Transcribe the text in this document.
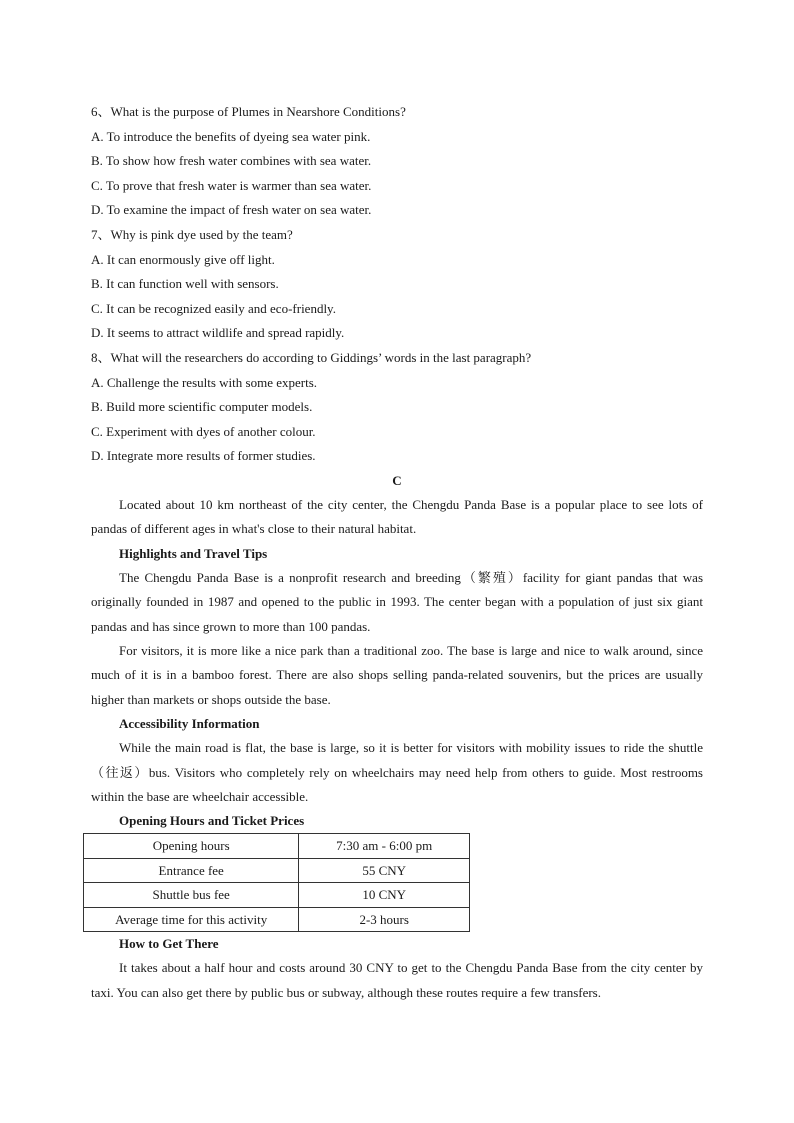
6、What is the purpose of Plumes in Nearshore Conditions?
A. To introduce the benefits of dyeing sea water pink.
B. To show how fresh water combines with sea water.
C. To prove that fresh water is warmer than sea water.
D. To examine the impact of fresh water on sea water.
7、Why is pink dye used by the team?
A. It can enormously give off light.
B. It can function well with sensors.
C. It can be recognized easily and eco-friendly.
D. It seems to attract wildlife and spread rapidly.
8、What will the researchers do according to Giddings’ words in the last paragraph?
A. Challenge the results with some experts.
B. Build more scientific computer models.
C. Experiment with dyes of another colour.
D. Integrate more results of former studies.
C

Located about 10 km northeast of the city center, the Chengdu Panda Base is a popular place to see lots of pandas of different ages in what's close to their natural habitat.

Highlights and Travel Tips

The Chengdu Panda Base is a nonprofit research and breeding（繁殖）facility for giant pandas that was originally founded in 1987 and opened to the public in 1993. The center began with a population of just six giant pandas and has since grown to more than 100 pandas.

For visitors, it is more like a nice park than a traditional zoo. The base is large and nice to walk around, since much of it is in a bamboo forest. There are also shops selling panda-related souvenirs, but the prices are usually higher than markets or shops outside the base.

Accessibility Information

While the main road is flat, the base is large, so it is better for visitors with mobility issues to ride the shuttle（往返）bus. Visitors who completely rely on wheelchairs may need help from others to guide. Most restrooms within the base are wheelchair accessible.

Opening Hours and Ticket Prices
Opening hours	7:30 am - 6:00 pm
Entrance fee	55 CNY
Shuttle bus fee	10 CNY
Average time for this activity	2-3 hours
How to Get There

It takes about a half hour and costs around 30 CNY to get to the Chengdu Panda Base from the city center by taxi. You can also get there by public bus or subway, although these routes require a few transfers.
